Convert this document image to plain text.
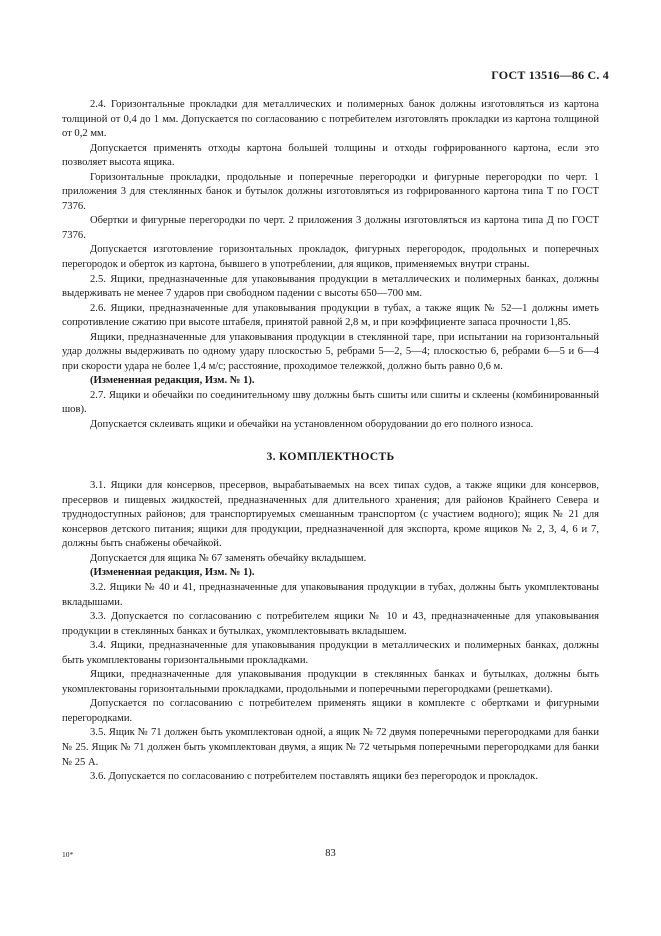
ГОСТ 13516—86 С. 4

2.4. Горизонтальные прокладки для металлических и полимерных банок должны изготовляться из картона толщиной от 0,4 до 1 мм. Допускается по согласованию с потребителем изготовлять прокладки из картона толщиной от 0,2 мм.

Допускается применять отходы картона большей толщины и отходы гофрированного картона, если это позволяет высота ящика.

Горизонтальные прокладки, продольные и поперечные перегородки и фигурные перегородки по черт. 1 приложения 3 для стеклянных банок и бутылок должны изготовляться из гофрированного картона типа Т по ГОСТ 7376.

Обертки и фигурные перегородки по черт. 2 приложения 3 должны изготовляться из картона типа Д по ГОСТ 7376.

Допускается изготовление горизонтальных прокладок, фигурных перегородок, продольных и поперечных перегородок и оберток из картона, бывшего в употреблении, для ящиков, применяемых внутри страны.

2.5. Ящики, предназначенные для упаковывания продукции в металлических и полимерных банках, должны выдерживать не менее 7 ударов при свободном падении с высоты 650—700 мм.

2.6. Ящики, предназначенные для упаковывания продукции в тубах, а также ящик № 52—1 должны иметь сопротивление сжатию при высоте штабеля, принятой равной 2,8 м, и при коэффициенте запаса прочности 1,85.

Ящики, предназначенные для упаковывания продукции в стеклянной таре, при испытании на горизонтальный удар должны выдерживать по одному удару плоскостью 5, ребрами 5—2, 5—4; плоскостью 6, ребрами 6—5 и 6—4 при скорости удара не более 1,4 м/с; расстояние, проходимое тележкой, должно быть равно 0,6 м.

(Измененная редакция, Изм. № 1).

2.7. Ящики и обечайки по соединительному шву должны быть сшиты или сшиты и склеены (комбинированный шов).

Допускается склеивать ящики и обечайки на установленном оборудовании до его полного износа.

3. КОМПЛЕКТНОСТЬ

3.1. Ящики для консервов, пресервов, вырабатываемых на всех типах судов, а также ящики для консервов, пресервов и пищевых жидкостей, предназначенных для длительного хранения; для районов Крайнего Севера и труднодоступных районов; для транспортируемых смешанным транспортом (с участием водного); ящик № 21 для консервов детского питания; ящики для продукции, предназначенной для экспорта, кроме ящиков № 2, 3, 4, 6 и 7, должны быть снабжены обечайкой.

Допускается для ящика № 67 заменять обечайку вкладышем.

(Измененная редакция, Изм. № 1).

3.2. Ящики № 40 и 41, предназначенные для упаковывания продукции в тубах, должны быть укомплектованы вкладышами.

3.3. Допускается по согласованию с потребителем ящики № 10 и 43, предназначенные для упаковывания продукции в стеклянных банках и бутылках, укомплектовывать вкладышем.

3.4. Ящики, предназначенные для упаковывания продукции в металлических и полимерных банках, должны быть укомплектованы горизонтальными прокладками.

Ящики, предназначенные для упаковывания продукции в стеклянных банках и бутылках, должны быть укомплектованы горизонтальными прокладками, продольными и поперечными перегородками (решетками).

Допускается по согласованию с потребителем применять ящики в комплекте с обертками и фигурными перегородками.

3.5. Ящик № 71 должен быть укомплектован одной, а ящик № 72 двумя поперечными перегородками для банки № 25. Ящик № 71 должен быть укомплектован двумя, а ящик № 72 четырьмя поперечными перегородками для банки № 25 А.

3.6. Допускается по согласованию с потребителем поставлять ящики без перегородок и прокладок.

10*	83
